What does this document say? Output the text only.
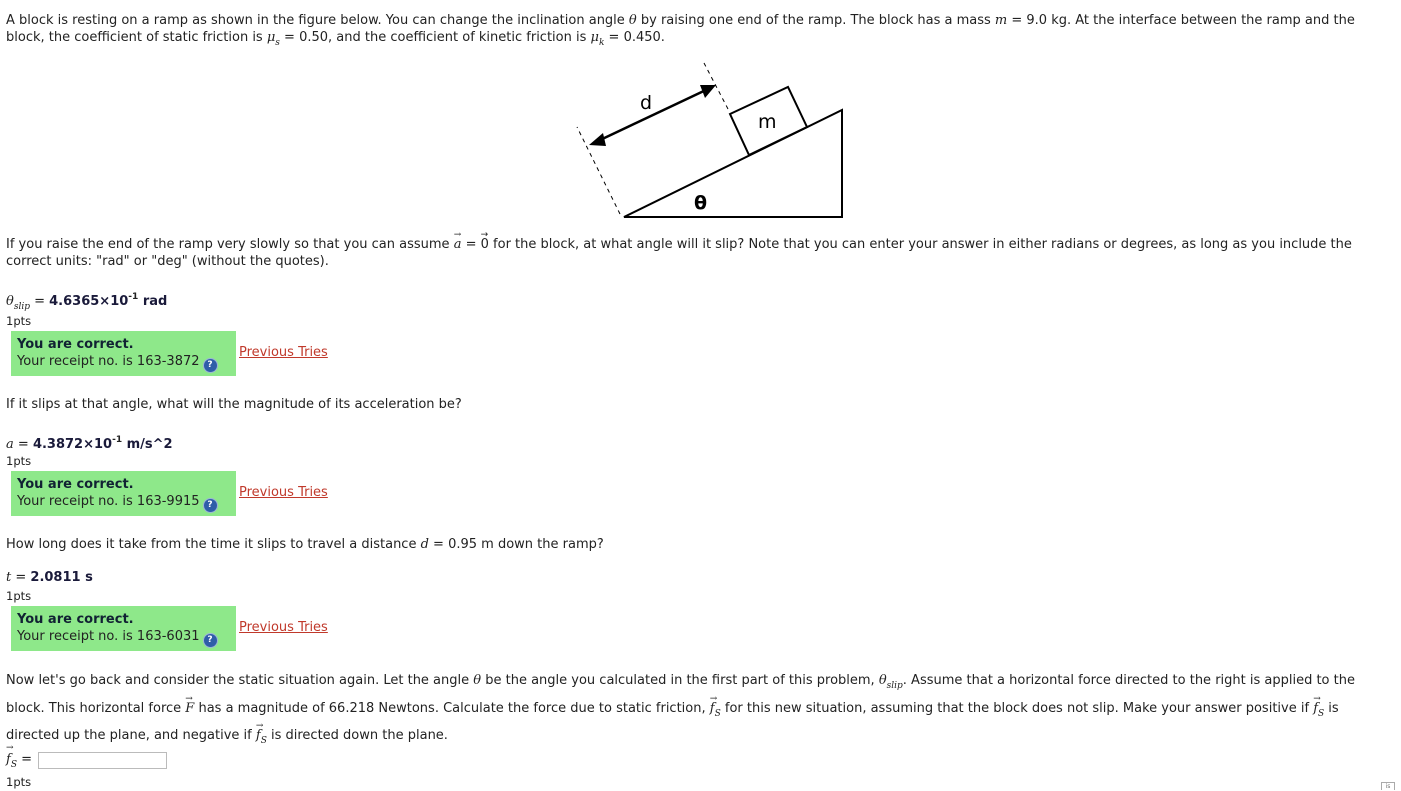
A block is resting on a ramp as shown in the figure below. You can change the inclination angle θ by raising one end of the ramp. The block has a mass m = 9.0 kg. At the interface between the ramp and the block, the coefficient of static friction is $\mu_s = 0.50$, and the coefficient of kinetic friction is $\mu_k = 0.450$.
d
m
θ
If you raise the end of the ramp very slowly so that you can assume → a = → 0 for the block, at what angle will it slip? Note that you can enter your answer in either radians or degrees, as long as you include the correct units: "rad" or "deg" (without the quotes).
$\theta_{slip} = 4.6365\times 10^{-1}$ rad
1pts
You are correct.
Your receipt no. is 163-3872 ?
Previous Tries
If it slips at that angle, what will the magnitude of its acceleration be?
$a = 4.3872\times 10^{-1}$ m/s^2
1pts
You are correct.
Your receipt no. is 163-9915 ?
Previous Tries
How long does it take from the time it slips to travel a distance d = 0.95 m down the ramp?
t = 2.0811 s
1pts
You are correct.
Your receipt no. is 163-6031 ?
Previous Tries
Now let's go back and consider the static situation again. Let the angle θ be the angle you calculated in the first part of this problem, $\theta_{slip}$. Assume that a horizontal force directed to the right is applied to the block. This horizontal force → F has a magnitude of 66.218 Newtons. Calculate the force due to static friction, → $f_S$ for this new situation, assuming that the block does not slip. Make your answer positive if → $f_S$ is directed up the plane, and negative if → $f_S$ is directed down the plane.
→ $f_S$ =
1pts	is
